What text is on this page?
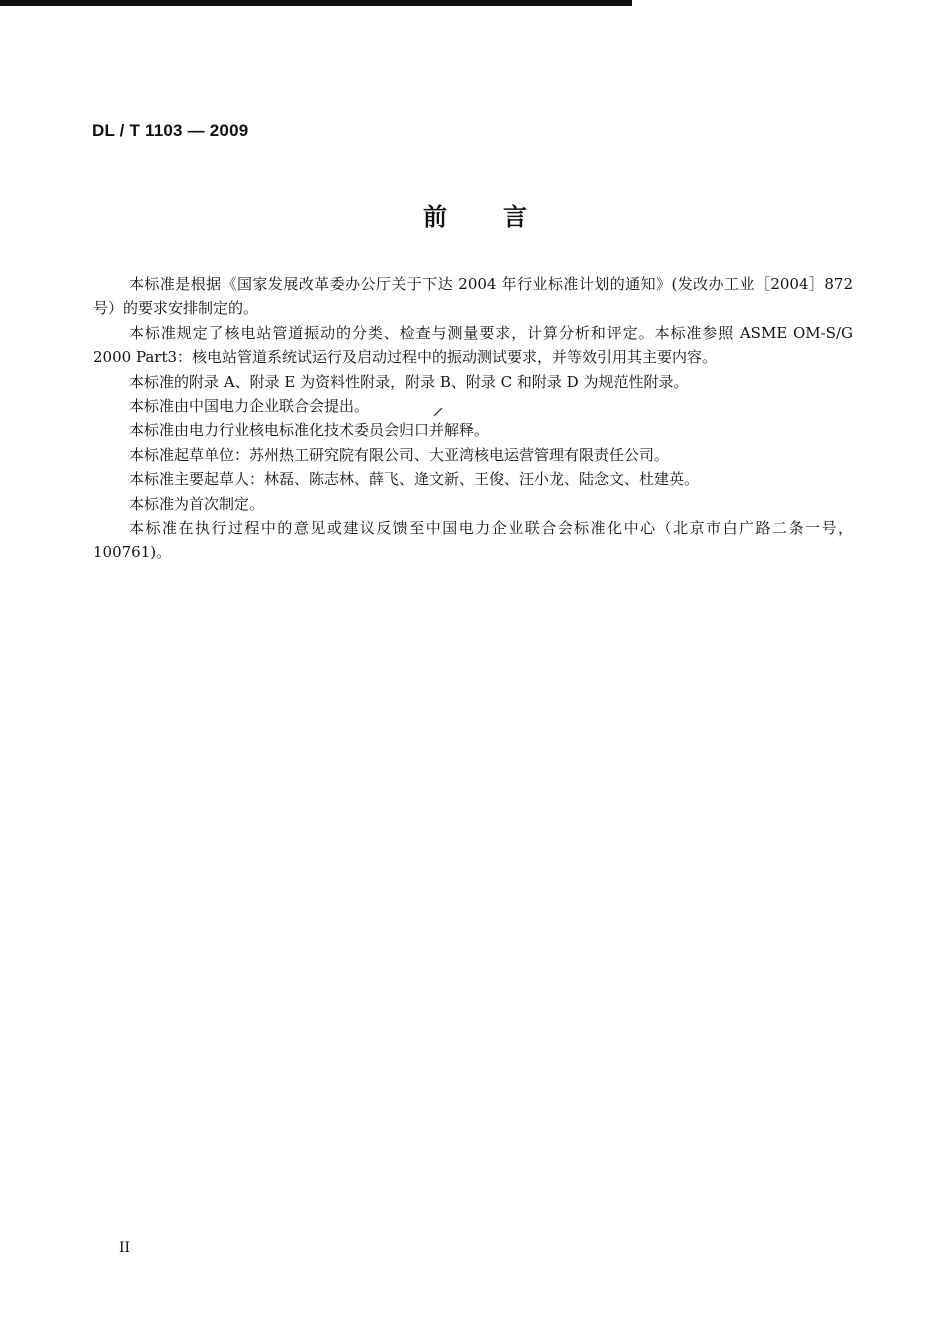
DL / T 1103 — 2009
前言

本标准是根据《国家发展改革委办公厅关于下达 2004 年行业标准计划的通知》(发改办工业［2004］872 号）的要求安排制定的。

本标准规定了核电站管道振动的分类、检查与测量要求，计算分析和评定。本标准参照 ASME OM-S/G 2000 Part3：核电站管道系统试运行及启动过程中的振动测试要求，并等效引用其主要内容。

本标准的附录 A、附录 E 为资料性附录，附录 B、附录 C 和附录 D 为规范性附录。

本标准由中国电力企业联合会提出。

本标准由电力行业核电标准化技术委员会归口并解释。

本标准起草单位：苏州热工研究院有限公司、大亚湾核电运营管理有限责任公司。

本标准主要起草人：林磊、陈志林、薛飞、逄文新、王俊、汪小龙、陆念文、杜建英。

本标准为首次制定。

本标准在执行过程中的意见或建议反馈至中国电力企业联合会标准化中心（北京市白广路二条一号，100761)。

II
